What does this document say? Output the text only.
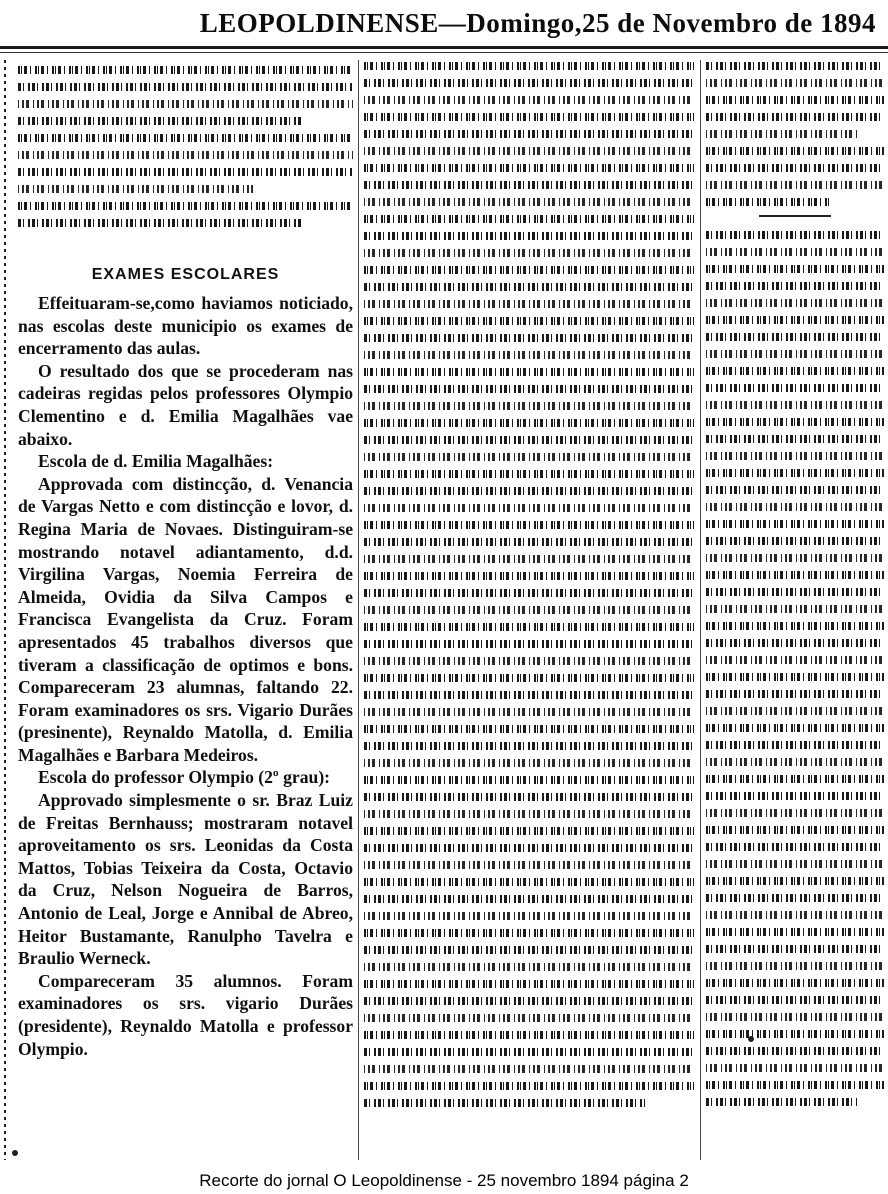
LEOPOLDINENSE—Domingo,25 de Novembro de 1894
EXAMES ESCOLARES

Effeituaram-se,como haviamos noticiado, nas escolas deste municipio os exames de encerramento das aulas.

O resultado dos que se procederam nas cadeiras regidas pelos professores Olympio Clementino e d. Emilia Magalhães vae abaixo.

Escola de d. Emilia Magalhães:

Approvada com distincção, d. Venancia de Vargas Netto e com distincção e lovor, d. Regina Maria de Novaes. Distinguiram-se mostrando notavel adiantamento, d.d. Virgilina Vargas, Noemia Ferreira de Almeida, Ovidia da Silva Campos e Francisca Evangelista da Cruz. Foram apresentados 45 trabalhos diversos que tiveram a classificação de optimos e bons. Compareceram 23 alumnas, faltando 22. Foram examinadores os srs. Vigario Durães (presinente), Reynaldo Matolla, d. Emilia Magalhães e Barbara Medeiros.

Escola do professor Olympio (2º grau):

Approvado simplesmente o sr. Braz Luiz de Freitas Bernhauss; mostraram notavel aproveitamento os srs. Leonidas da Costa Mattos, Tobias Teixeira da Costa, Octavio da Cruz, Nelson Nogueira de Barros, Antonio de Leal, Jorge e Annibal de Abreo, Heitor Bustamante, Ranulpho Tavelra e Braulio Werneck.

Compareceram 35 alumnos. Foram examinadores os srs. vigario Durães (presidente), Reynaldo Matolla e professor Olympio.

Recorte do jornal O Leopoldinense - 25 novembro 1894 página 2
